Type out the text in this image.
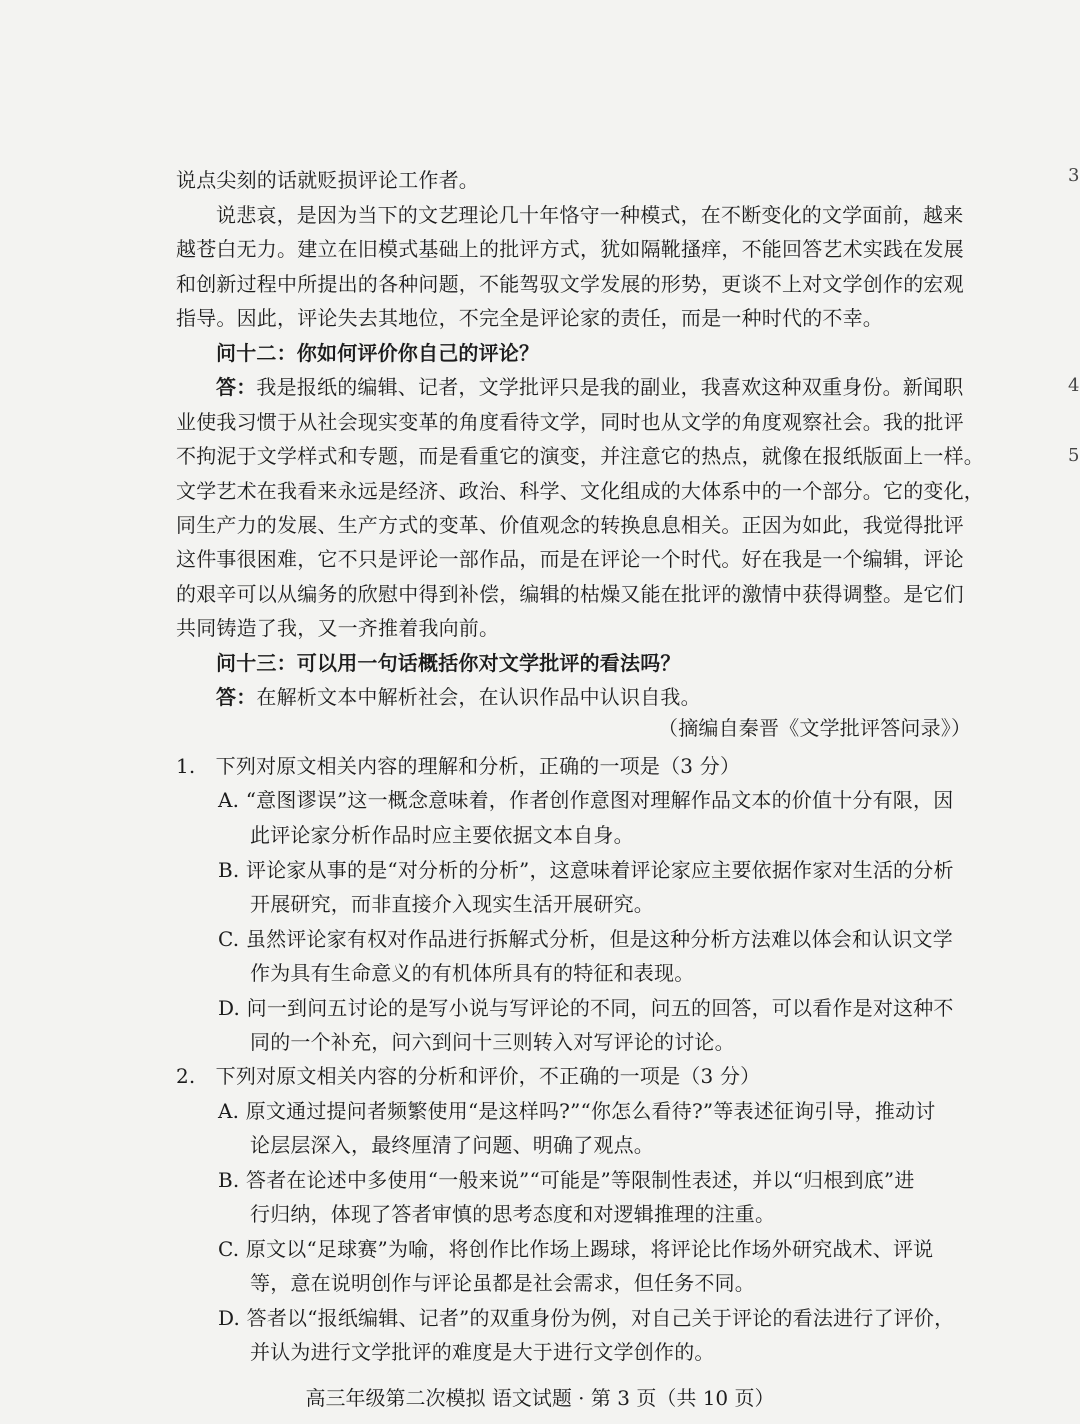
3
4
5
说点尖刻的话就贬损评论工作者。
说悲哀，是因为当下的文艺理论几十年恪守一种模式，在不断变化的文学面前，越来
越苍白无力。建立在旧模式基础上的批评方式，犹如隔靴搔痒，不能回答艺术实践在发展
和创新过程中所提出的各种问题，不能驾驭文学发展的形势，更谈不上对文学创作的宏观
指导。因此，评论失去其地位，不完全是评论家的责任，而是一种时代的不幸。
问十二：你如何评价你自己的评论？
答：我是报纸的编辑、记者，文学批评只是我的副业，我喜欢这种双重身份。新闻职
业使我习惯于从社会现实变革的角度看待文学，同时也从文学的角度观察社会。我的批评
不拘泥于文学样式和专题，而是看重它的演变，并注意它的热点，就像在报纸版面上一样。
文学艺术在我看来永远是经济、政治、科学、文化组成的大体系中的一个部分。它的变化，
同生产力的发展、生产方式的变革、价值观念的转换息息相关。正因为如此，我觉得批评
这件事很困难，它不只是评论一部作品，而是在评论一个时代。好在我是一个编辑，评论
的艰辛可以从编务的欣慰中得到补偿，编辑的枯燥又能在批评的激情中获得调整。是它们
共同铸造了我，又一齐推着我向前。
问十三：可以用一句话概括你对文学批评的看法吗？
答：在解析文本中解析社会，在认识作品中认识自我。
（摘编自秦晋《文学批评答问录》）
1.　下列对原文相关内容的理解和分析，正确的一项是（3 分）
A. “意图谬误”这一概念意味着，作者创作意图对理解作品文本的价值十分有限，因
此评论家分析作品时应主要依据文本自身。
B. 评论家从事的是“对分析的分析”，这意味着评论家应主要依据作家对生活的分析
开展研究，而非直接介入现实生活开展研究。
C. 虽然评论家有权对作品进行拆解式分析，但是这种分析方法难以体会和认识文学
作为具有生命意义的有机体所具有的特征和表现。
D. 问一到问五讨论的是写小说与写评论的不同，问五的回答，可以看作是对这种不
同的一个补充，问六到问十三则转入对写评论的讨论。
2.　下列对原文相关内容的分析和评价，不正确的一项是（3 分）
A. 原文通过提问者频繁使用“是这样吗?”“你怎么看待?”等表述征询引导，推动讨
论层层深入，最终厘清了问题、明确了观点。
B. 答者在论述中多使用“一般来说”“可能是”等限制性表述，并以“归根到底”进
行归纳，体现了答者审慎的思考态度和对逻辑推理的注重。
C. 原文以“足球赛”为喻，将创作比作场上踢球，将评论比作场外研究战术、评说
等，意在说明创作与评论虽都是社会需求，但任务不同。
D. 答者以“报纸编辑、记者”的双重身份为例，对自己关于评论的看法进行了评价，
并认为进行文学批评的难度是大于进行文学创作的。
高三年级第二次模拟 语文试题 · 第 3 页（共 10 页）
